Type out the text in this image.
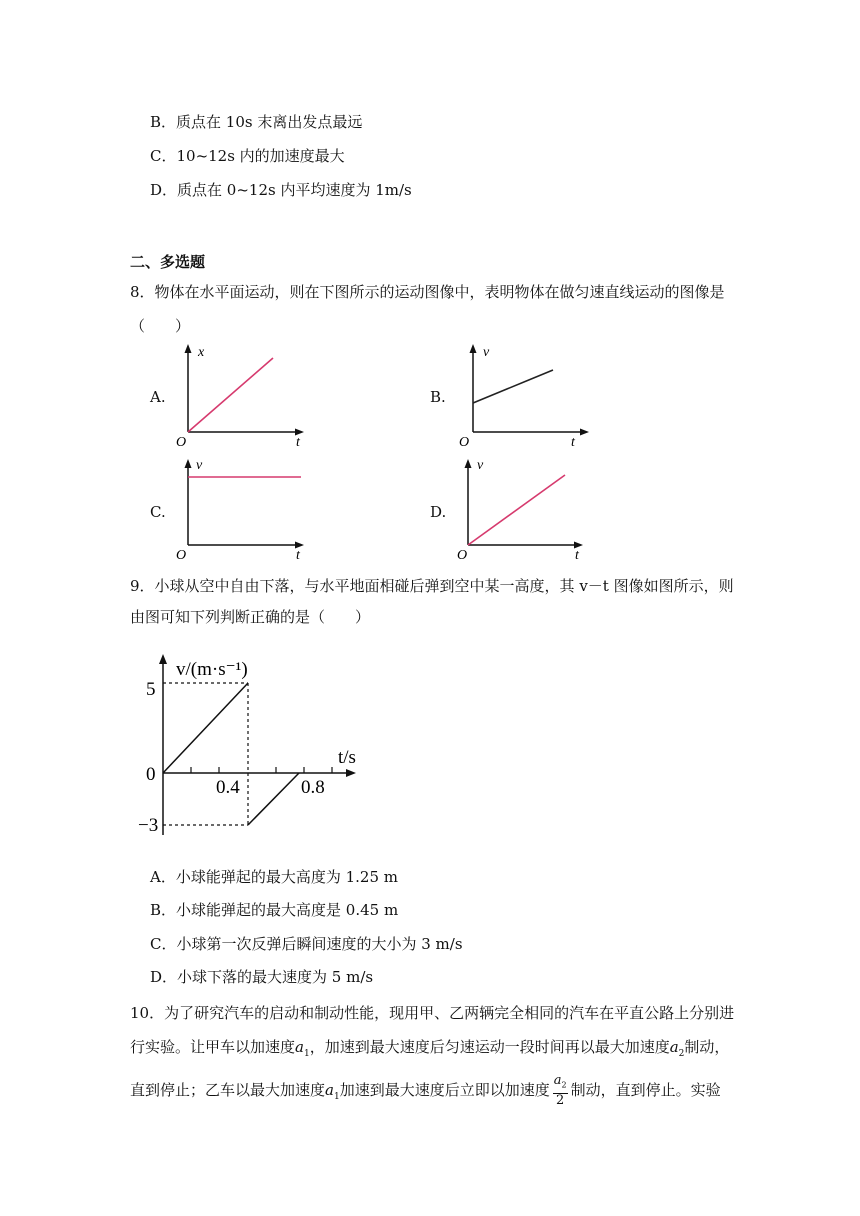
B．质点在 10s 末离出发点最远
C．10~12s 内的加速度最大
D．质点在 0~12s 内平均速度为 1m/s
二、多选题
8．物体在水平面运动，则在下图所示的运动图像中，表明物体在做匀速直线运动的图像是
（　　）
A.
x
t
O
B.
v
t
O
C.
v
t
O
D.
v
t
O
9．小球从空中自由下落，与水平地面相碰后弹到空中某一高度，其 v－t 图像如图所示，则
由图可知下列判断正确的是（　　）
v/(m·s⁻¹)
t/s
5
0
−3
0.4	0.8
A．小球能弹起的最大高度为 1.25 m
B．小球能弹起的最大高度是 0.45 m
C．小球第一次反弹后瞬间速度的大小为 3 m/s
D．小球下落的最大速度为 5 m/s
10．为了研究汽车的启动和制动性能，现用甲、乙两辆完全相同的汽车在平直公路上分别进
行实验。让甲车以加速度$a_1$，加速到最大速度后匀速运动一段时间再以最大加速度$a_2$制动，
直到停止；乙车以最大加速度$a_1$加速到最大速度后立即以加速度 $\frac{a_2}{2}$ 制动，直到停止。实验
